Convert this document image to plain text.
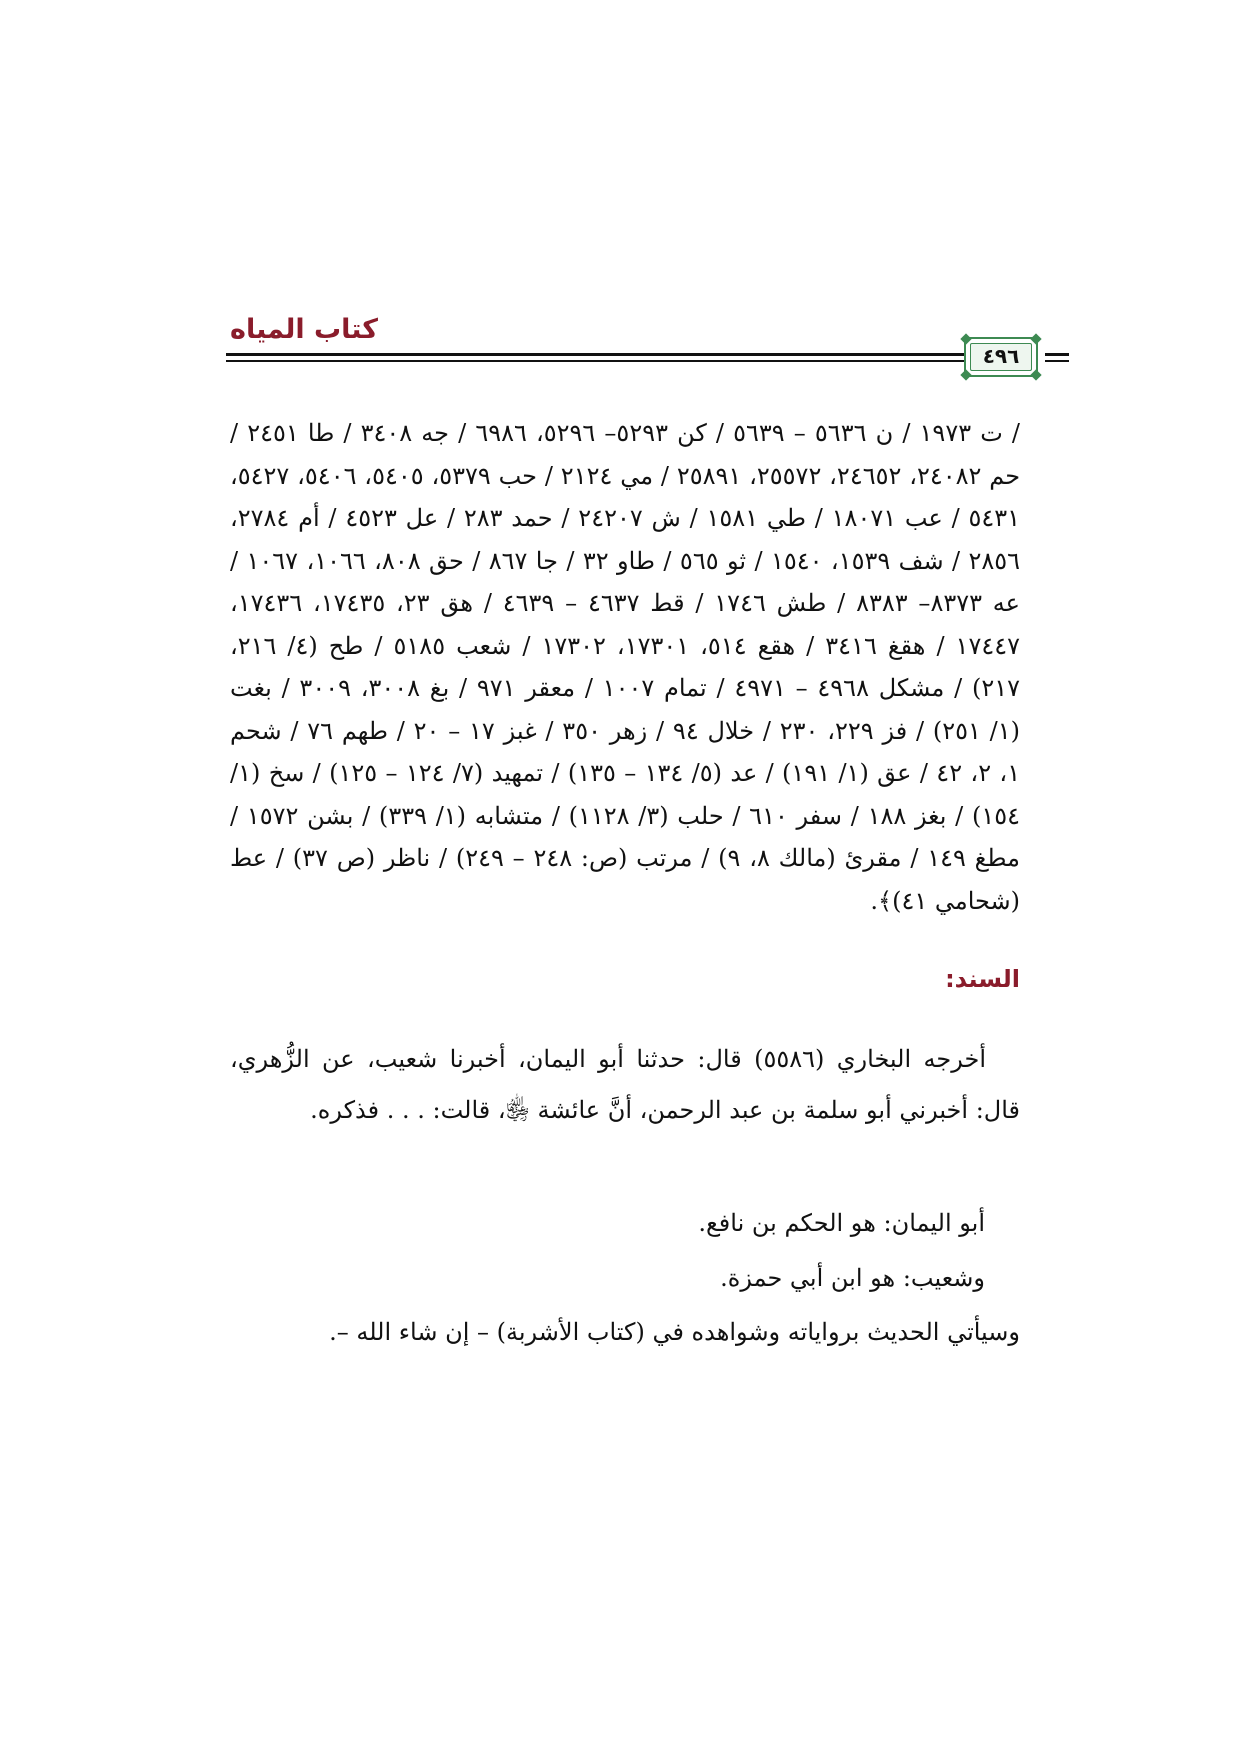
كتاب المياه
٤٩٦

/ ت ١٩٧٣ / ن ٥٦٣٦ – ٥٦٣٩ / كن ٥٢٩٣– ٥٢٩٦، ٦٩٨٦ / جه ٣٤٠٨ / طا ٢٤٥١ / حم ٢٤٠٨٢، ٢٤٦٥٢، ٢٥٥٧٢، ٢٥٨٩١ / مي ٢١٢٤ / حب ٥٣٧٩، ٥٤٠٥، ٥٤٠٦، ٥٤٢٧، ٥٤٣١ / عب ١٨٠٧١ / طي ١٥٨١ / ش ٢٤٢٠٧ / حمد ٢٨٣ / عل ٤٥٢٣ / أم ٢٧٨٤، ٢٨٥٦ / شف ١٥٣٩، ١٥٤٠ / ثو ٥٦٥ / طاو ٣٢ / جا ٨٦٧ / حق ٨٠٨، ١٠٦٦، ١٠٦٧ / عه ٨٣٧٣– ٨٣٨٣ / طش ١٧٤٦ / قط ٤٦٣٧ – ٤٦٣٩ / هق ٢٣، ١٧٤٣٥، ١٧٤٣٦، ١٧٤٤٧ / هقغ ٣٤١٦ / هقع ٥١٤، ١٧٣٠١، ١٧٣٠٢ / شعب ٥١٨٥ / طح (٤/ ٢١٦، ٢١٧) / مشكل ٤٩٦٨ – ٤٩٧١ / تمام ١٠٠٧ / معقر ٩٧١ / بغ ٣٠٠٨، ٣٠٠٩ / بغت (١/ ٢٥١) / فز ٢٢٩، ٢٣٠ / خلال ٩٤ / زهر ٣٥٠ / غبز ١٧ – ٢٠ / طهم ٧٦ / شحم ١، ٢، ٤٢ / عق (١/ ١٩١) / عد (٥/ ١٣٤ – ١٣٥) / تمهيد (٧/ ١٢٤ – ١٢٥) / سخ (١/ ١٥٤) / بغز ١٨٨ / سفر ٦١٠ / حلب (٣/ ١١٢٨) / متشابه (١/ ٣٣٩) / بشن ١٥٧٢ / مطغ ١٤٩ / مقرئ (مالك ٨، ٩) / مرتب (ص: ٢٤٨ – ٢٤٩) / ناظر (ص ٣٧) / عط (شحامي ٤١)﴾.

السند:

أخرجه البخاري (٥٥٨٦) قال: حدثنا أبو اليمان، أخبرنا شعيب، عن الزُّهري، قال: أخبرني أبو سلمة بن عبد الرحمن، أنَّ عائشة ﵂، قالت: . . . فذكره.

أبو اليمان: هو الحكم بن نافع.
وشعيب: هو ابن أبي حمزة.
وسيأتي الحديث برواياته وشواهده في (كتاب الأشربة) – إن شاء الله –.
